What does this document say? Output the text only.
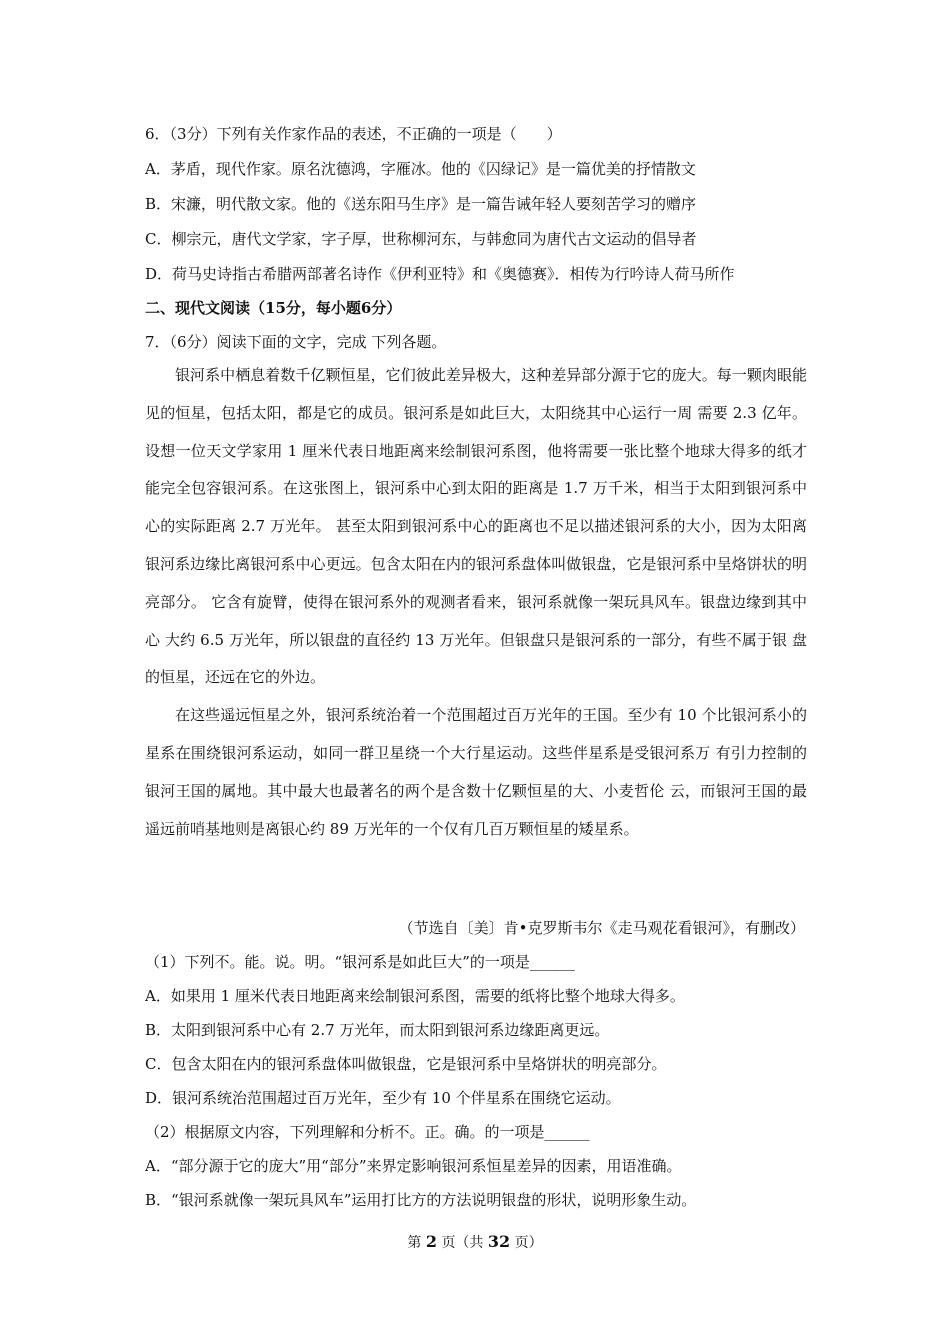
6．（3分）下列有关作家作品的表述，不正确的一项是（　　）
A．茅盾，现代作家。原名沈德鸿，字雁冰。他的《囚绿记》是一篇优美的抒情散文
B．宋濂，明代散文家。他的《送东阳马生序》是一篇告诫年轻人要刻苦学习的赠序
C．柳宗元，唐代文学家，字子厚，世称柳河东，与韩愈同为唐代古文运动的倡导者
D．荷马史诗指古希腊两部著名诗作《伊利亚特》和《奥德赛》．相传为行吟诗人荷马所作
二、现代文阅读（15分，每小题6分）
7．（6分）阅读下面的文字，完成 下列各题。

银河系中栖息着数千亿颗恒星，它们彼此差异极大，这种差异部分源于它的庞大。每一颗肉眼能见的恒星，包括太阳，都是它的成员。银河系是如此巨大，太阳绕其中心运行一周 需要 2.3 亿年。设想一位天文学家用 1 厘米代表日地距离来绘制银河系图，他将需要一张比整个地球大得多的纸才能完全包容银河系。在这张图上，银河系中心到太阳的距离是 1.7 万千米，相当于太阳到银河系中心的实际距离 2.7 万光年。 甚至太阳到银河系中心的距离也不足以描述银河系的大小，因为太阳离银河系边缘比离银河系中心更远。包含太阳在内的银河系盘体叫做银盘，它是银河系中呈烙饼状的明亮部分。 它含有旋臂，使得在银河系外的观测者看来，银河系就像一架玩具风车。银盘边缘到其中心 大约 6.5 万光年，所以银盘的直径约 13 万光年。但银盘只是银河系的一部分，有些不属于银 盘的恒星，还远在它的外边。

在这些遥远恒星之外，银河系统治着一个范围超过百万光年的王国。至少有 10 个比银河系小的星系在围绕银河系运动，如同一群卫星绕一个大行星运动。这些伴星系是受银河系万 有引力控制的银河王国的属地。其中最大也最著名的两个是含数十亿颗恒星的大、小麦哲伦 云，而银河王国的最遥远前哨基地则是离银心约 89 万光年的一个仅有几百万颗恒星的矮星系。

（节选自〔美〕肯•克罗斯韦尔《走马观花看银河》，有删改）
（1）下列不。能。说。明。“银河系是如此巨大”的一项是______
A．如果用 1 厘米代表日地距离来绘制银河系图，需要的纸将比整个地球大得多。
B．太阳到银河系中心有 2.7 万光年，而太阳到银河系边缘距离更远。
C．包含太阳在内的银河系盘体叫做银盘，它是银河系中呈烙饼状的明亮部分。
D．银河系统治范围超过百万光年，至少有 10 个伴星系在围绕它运动。
（2）根据原文内容，下列理解和分析不。正。确。的一项是______
A．“部分源于它的庞大”用“部分”来界定影响银河系恒星差异的因素，用语准确。
B．“银河系就像一架玩具风车”运用打比方的方法说明银盘的形状，说明形象生动。
第 2 页（共 32 页）
